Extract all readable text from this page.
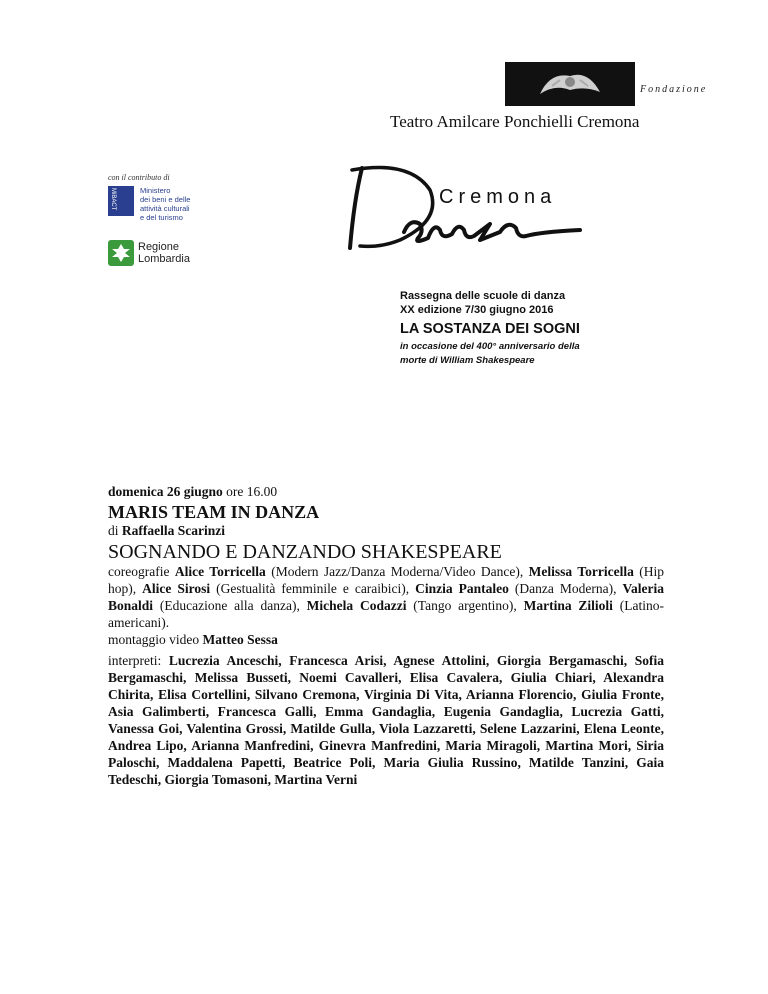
Fondazione
Teatro Amilcare Ponchielli Cremona
con il contributo di
MiBACT	Ministero
dei beni e delle
attività culturali
e del turismo
Regione
Lombardia
Danza
Cremona
Rassegna delle scuole di danza
XX edizione 7/30 giugno 2016
LA SOSTANZA DEI SOGNI
in occasione del 400° anniversario della
morte di William Shakespeare
domenica 26 giugno ore 16.00
MARIS TEAM IN DANZA
di Raffaella Scarinzi
SOGNANDO E DANZANDO SHAKESPEARE

coreografie Alice Torricella (Modern Jazz/Danza Moderna/Video Dance), Melissa Torricella (Hip hop), Alice Sirosi (Gestualità femminile e caraibici), Cinzia Pantaleo (Danza Moderna), Valeria Bonaldi (Educazione alla danza), Michela Codazzi (Tango argentino), Martina Zilioli (Latino-americani).

montaggio video Matteo Sessa

interpreti: Lucrezia Anceschi, Francesca Arisi, Agnese Attolini, Giorgia Bergamaschi, Sofia Bergamaschi, Melissa Busseti, Noemi Cavalleri, Elisa Cavalera, Giulia Chiari, Alexandra Chirita, Elisa Cortellini, Silvano Cremona, Virginia Di Vita, Arianna Florencio, Giulia Fronte, Asia Galimberti, Francesca Galli, Emma Gandaglia, Eugenia Gandaglia, Lucrezia Gatti, Vanessa Goi, Valentina Grossi, Matilde Gulla, Viola Lazzaretti, Selene Lazzarini, Elena Leonte, Andrea Lipo, Arianna Manfredini, Ginevra Manfredini, Maria Miragoli, Martina Mori, Siria Paloschi, Maddalena Papetti, Beatrice Poli, Maria Giulia Russino, Matilde Tanzini, Gaia Tedeschi, Giorgia Tomasoni, Martina Verni
